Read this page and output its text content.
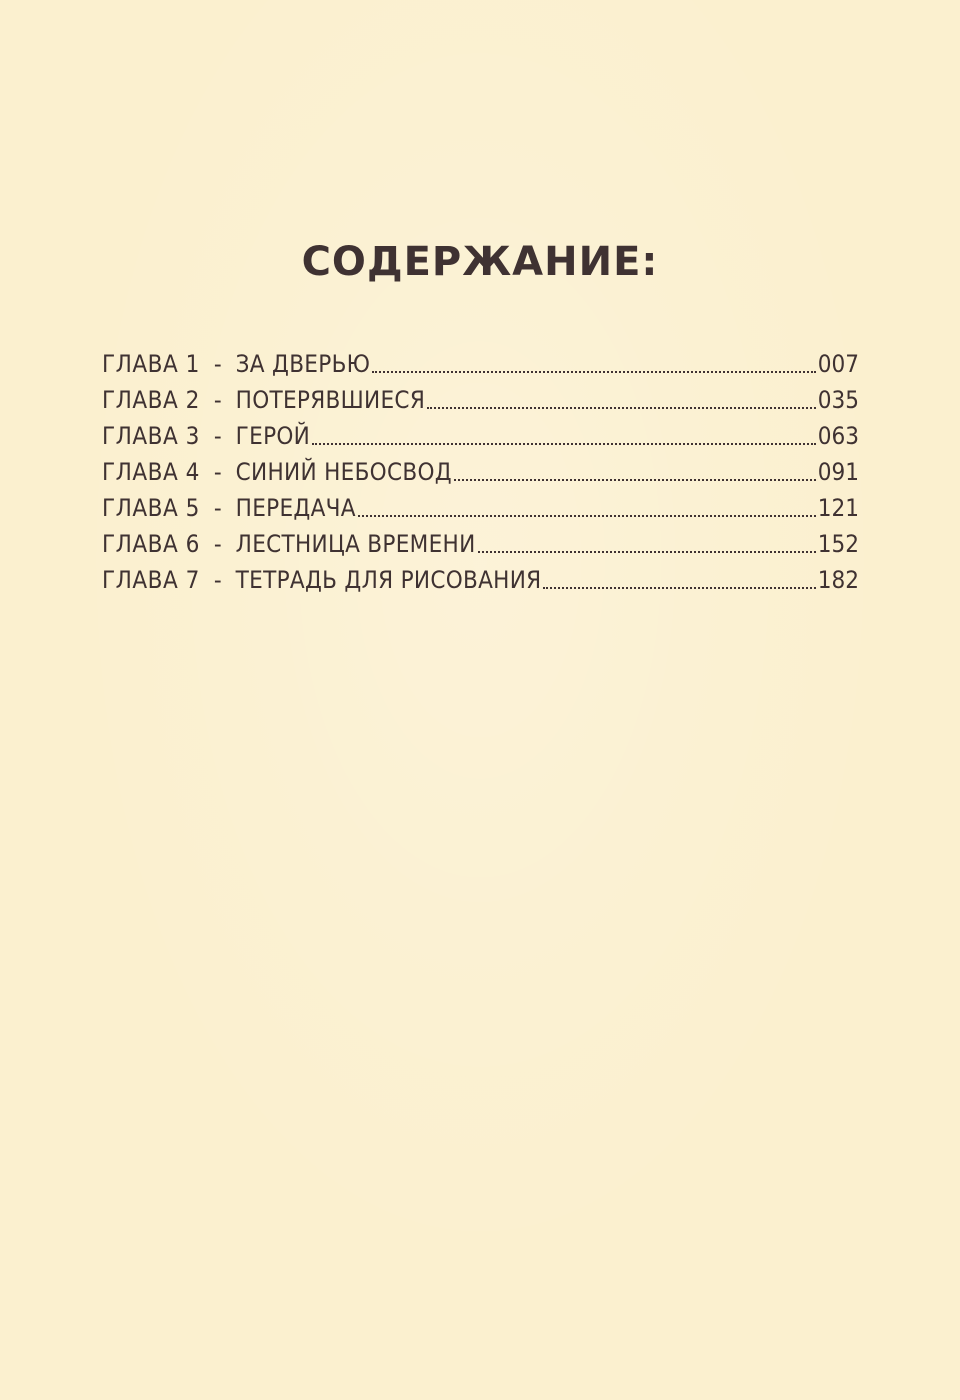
СОДЕРЖАНИЕ:
ГЛАВА 1 - ЗА ДВЕРЬЮ	007
ГЛАВА 2 - ПОТЕРЯВШИЕСЯ	035
ГЛАВА 3 - ГЕРОЙ	063
ГЛАВА 4 - СИНИЙ НЕБОСВОД	091
ГЛАВА 5 - ПЕРЕДАЧА	121
ГЛАВА 6 - ЛЕСТНИЦА ВРЕМЕНИ	152
ГЛАВА 7 - ТЕТРАДЬ ДЛЯ РИСОВАНИЯ	182
